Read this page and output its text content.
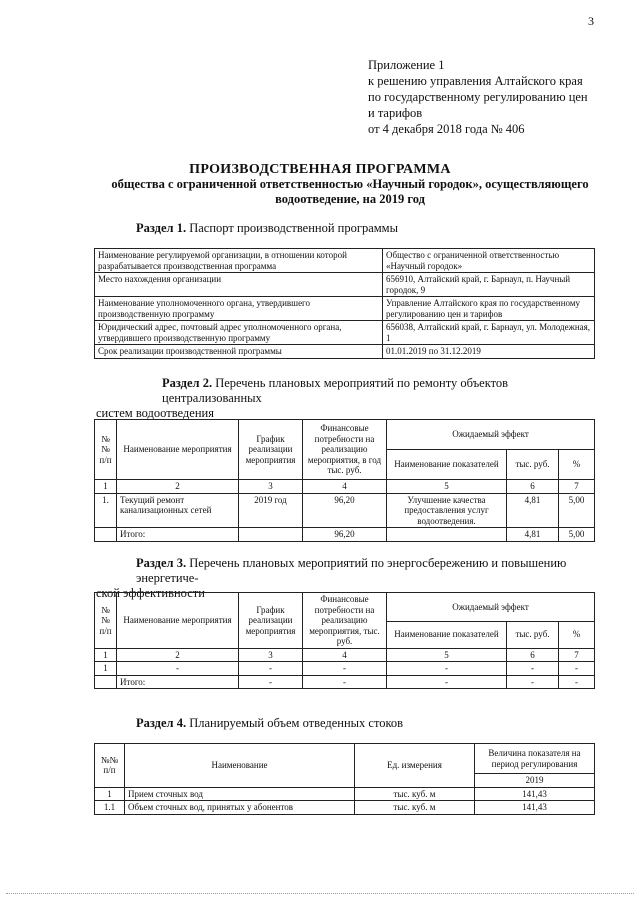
3
Приложение 1
к решению управления Алтайского края
по государственному регулированию цен
и тарифов
от 4 декабря 2018 года № 406
ПРОИЗВОДСТВЕННАЯ ПРОГРАММА
общества с ограниченной ответственностью «Научный городок», осуществляющего
водоотведение, на 2019 год
Раздел 1. Паспорт производственной программы
Наименование регулируемой организации, в отношении которой разрабатывается производственная программа	Общество с ограниченной ответственностью «Научный городок»
Место нахождения организации	656910, Алтайский край, г. Барнаул, п. Научный городок, 9
Наименование уполномоченного органа, утвердившего производственную программу	Управление Алтайского края по государственному регулированию цен и тарифов
Юридический адрес, почтовый адрес уполномоченного органа, утвердившего производственную программу	656038, Алтайский край, г. Барнаул, ул. Молодежная, 1
Срок реализации производственной программы	01.01.2019 по 31.12.2019
Раздел 2. Перечень плановых мероприятий по ремонту объектов централизованных
систем водоотведения
№№ п/п	Наименование мероприятия	График реализации мероприятия	Финансовые потребности на реализацию мероприятия, в год тыс. руб.	Ожидаемый эффект		
				Наименование показателей	тыс. руб.	%
1	2	3	4	5	6	7
1.	Текущий ремонт канализационных сетей	2019 год	96,20	Улучшение качества предоставления услуг водоотведения.	4,81	5,00
	Итого:		96,20		4,81	5,00
Раздел 3. Перечень плановых мероприятий по энергосбережению и повышению энергетиче-
ской эффективности
№№ п/п	Наименование мероприятия	График реализации мероприятия	Финансовые потребности на реализацию мероприятия, тыс. руб.	Ожидаемый эффект		
				Наименование показателей	тыс. руб.	%
1	2	3	4	5	6	7
1	-	-	-	-	-	-
	Итого:	-	-	-	-	-
Раздел 4. Планируемый объем отведенных стоков
№№ п/п	Наименование	Ед. измерения	Величина показателя на период регулирования
			2019
1	Прием сточных вод	тыс. куб. м	141,43
1.1	Объем сточных вод, принятых у абонентов	тыс. куб. м	141,43
